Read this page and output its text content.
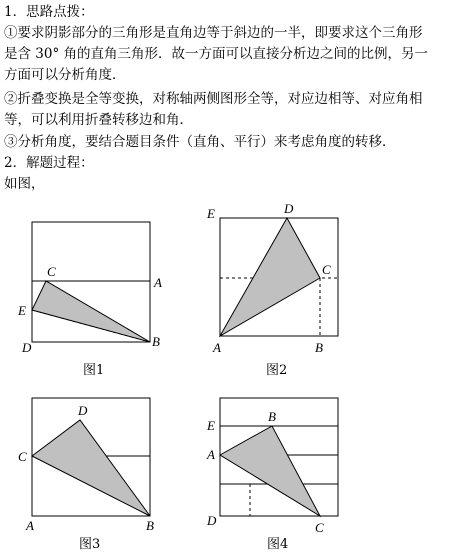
1．思路点拨：
①要求阴影部分的三角形是直角边等于斜边的一半，即要求这个三角形
是含 30° 角的直角三角形．故一方面可以直接分析边之间的比例，另一
方面可以分析角度．
②折叠变换是全等变换，对称轴两侧图形全等，对应边相等、对应角相
等，可以利用折叠转移边和角．
③分析角度，要结合题目条件（直角、平行）来考虑角度的转移．
2．解题过程：
如图，
C
A
E
D	B
图1
E	D
C
A	B
图2
D
C
A	B
图3
E
B
A
D	C
图4
